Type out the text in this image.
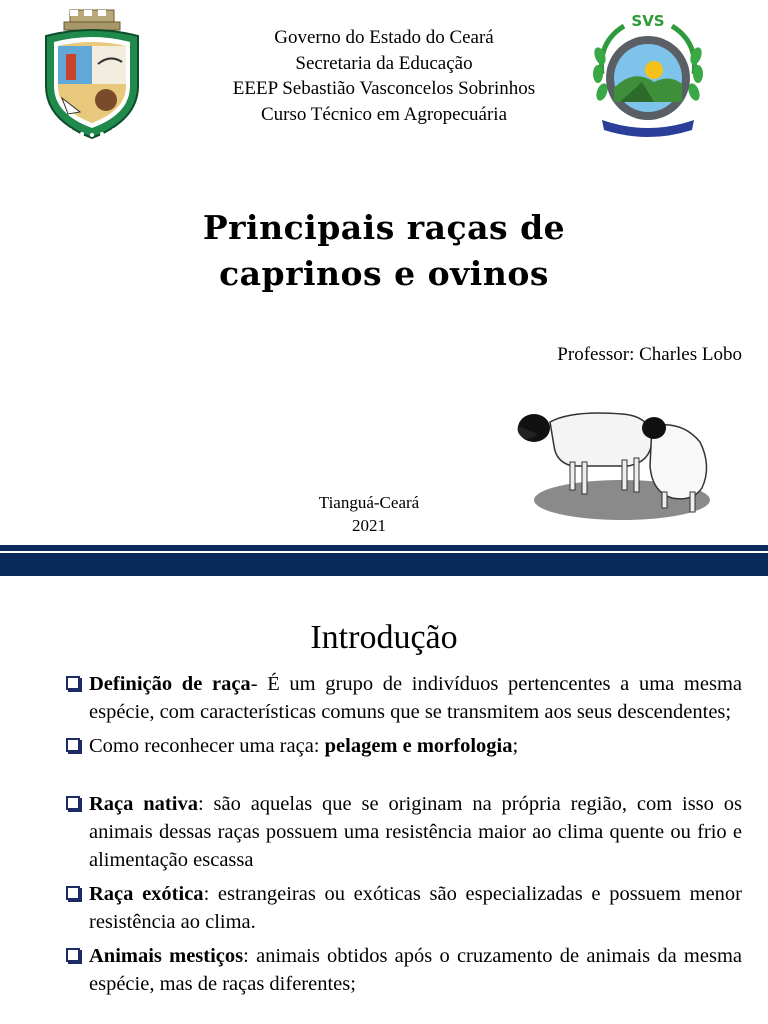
Governo do Estado do Ceará
Secretaria da Educação
EEEP Sebastião Vasconcelos Sobrinhos
Curso Técnico em Agropecuária
SVS
Principais raças de
caprinos e ovinos
Professor: Charles Lobo
Tianguá-Ceará
2021
Introdução
Definição de raça- É um grupo de indivíduos pertencentes a uma mesma espécie, com características comuns que se transmitem aos seus descendentes;
Como reconhecer uma raça: pelagem e morfologia;
Raça nativa: são aquelas que se originam na própria região, com isso os animais dessas raças possuem uma resistência maior ao clima quente ou frio e alimentação escassa
Raça exótica: estrangeiras ou exóticas são especializadas e possuem menor resistência ao clima.
Animais mestiços: animais obtidos após o cruzamento de animais da mesma espécie, mas de raças diferentes;
